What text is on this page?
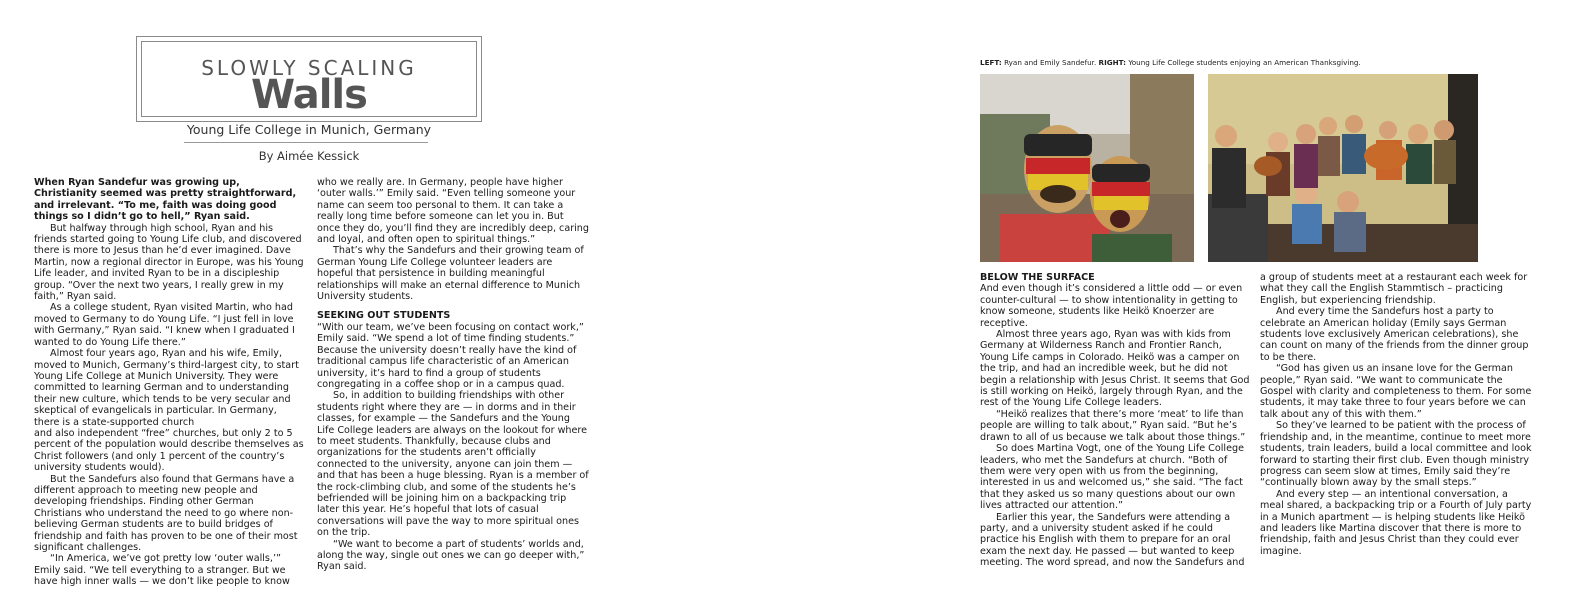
SLOWLY SCALING
Walls
Young Life College in Munich, Germany
By Aimée Kessick

When Ryan Sandefur was growing up, Christianity seemed was pretty straightforward, and irrelevant. “To me, faith was doing good things so I didn’t go to hell,” Ryan said.

But halfway through high school, Ryan and his friends started going to Young Life club, and discovered there is more to Jesus than he’d ever imagined. Dave Martin, now a regional director in Europe, was his Young Life leader, and invited Ryan to be in a discipleship group. “Over the next two years, I really grew in my faith,” Ryan said.

As a college student, Ryan visited Martin, who had moved to Germany to do Young Life. “I just fell in love with Germany,” Ryan said. “I knew when I graduated I wanted to do Young Life there.”

Almost four years ago, Ryan and his wife, Emily, moved to Munich, Germany’s third-largest city, to start Young Life College at Munich University. They were committed to learning German and to understanding their new culture, which tends to be very secular and skeptical of evangelicals in particular. In Germany, there is a state-supported church

and also independent “free” churches, but only 2 to 5 percent of the population would describe themselves as Christ followers (and only 1 percent of the country’s university students would).

But the Sandefurs also found that Germans have a different approach to meeting new people and developing friendships. Finding other German Christians who understand the need to go where non-believing German students are to build bridges of friendship and faith has proven to be one of their most significant challenges.

“In America, we’ve got pretty low ‘outer walls,’” Emily said. “We tell everything to a stranger. But we have high inner walls — we don’t like people to know

who we really are. In Germany, people have higher ‘outer walls.’” Emily said. “Even telling someone your name can seem too personal to them. It can take a really long time before someone can let you in. But once they do, you’ll find they are incredibly deep, caring and loyal, and often open to spiritual things.”

That’s why the Sandefurs and their growing team of German Young Life College volunteer leaders are hopeful that persistence in building meaningful relationships will make an eternal difference to Munich University students.

SEEKING OUT STUDENTS

“With our team, we’ve been focusing on contact work,” Emily said. “We spend a lot of time finding students.” Because the university doesn’t really have the kind of traditional campus life characteristic of an American university, it’s hard to find a group of students congregating in a coffee shop or in a campus quad.

So, in addition to building friendships with other students right where they are — in dorms and in their classes, for example — the Sandefurs and the Young Life College leaders are always on the lookout for where to meet students. Thankfully, because clubs and organizations for the students aren’t officially connected to the university, anyone can join them — and that has been a huge blessing. Ryan is a member of the rock-climbing club, and some of the students he’s befriended will be joining him on a backpacking trip later this year. He’s hopeful that lots of casual conversations will pave the way to more spiritual ones on the trip.

“We want to become a part of students’ worlds and, along the way, single out ones we can go deeper with,” Ryan said.

BELOW THE SURFACE

And even though it’s considered a little odd — or even counter-cultural — to show intentionality in getting to know someone, students like Heikö Knoerzer are receptive.

Almost three years ago, Ryan was with kids from Germany at Wilderness Ranch and Frontier Ranch, Young Life camps in Colorado. Heikö was a camper on the trip, and had an incredible week, but he did not begin a relationship with Jesus Christ. It seems that God is still working on Heikö, largely through Ryan, and the rest of the Young Life College leaders.

“Heikö realizes that there’s more ‘meat’ to life than people are willing to talk about,” Ryan said. “But he’s drawn to all of us because we talk about those things.”

So does Martina Vogt, one of the Young Life College leaders, who met the Sandefurs at church. “Both of them were very open with us from the beginning, interested in us and welcomed us,” she said. “The fact that they asked us so many questions about our own lives attracted our attention.”

Earlier this year, the Sandefurs were attending a party, and a university student asked if he could practice his English with them to prepare for an oral exam the next day. He passed — but wanted to keep meeting. The word spread, and now the Sandefurs and

a group of students meet at a restaurant each week for what they call the English Stammtisch – practicing English, but experiencing friendship.

And every time the Sandefurs host a party to celebrate an American holiday (Emily says German students love exclusively American celebrations), she can count on many of the friends from the dinner group to be there.

“God has given us an insane love for the German people,” Ryan said. “We want to communicate the Gospel with clarity and completeness to them. For some students, it may take three to four years before we can talk about any of this with them.”

So they’ve learned to be patient with the process of friendship and, in the meantime, continue to meet more students, train leaders, build a local committee and look forward to starting their first club. Even though ministry progress can seem slow at times, Emily said they’re “continually blown away by the small steps.”

And every step — an intentional conversation, a meal shared, a backpacking trip or a Fourth of July party in a Munich apartment — is helping students like Heikö and leaders like Martina discover that there is more to friendship, faith and Jesus Christ than they could ever imagine.

LEFT: Ryan and Emily Sandefur. RIGHT: Young Life College students enjoying an American Thanksgiving.
